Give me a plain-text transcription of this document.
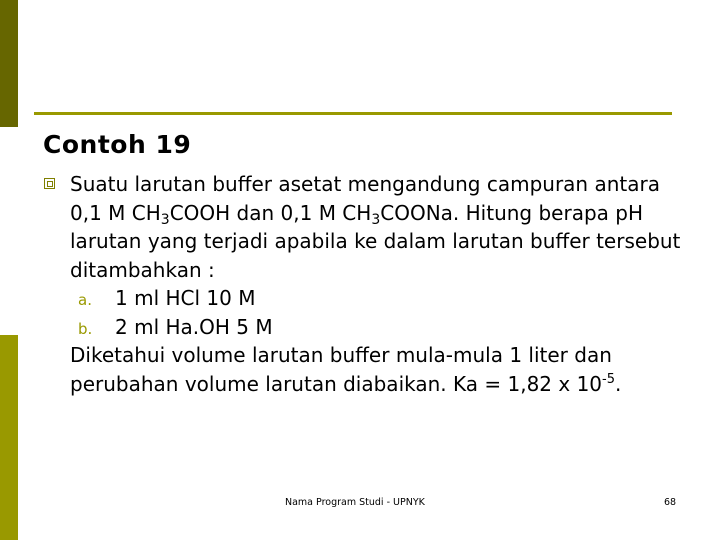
Contoh 19

Suatu larutan buffer asetat mengandung campuran antara 0,1 M $CH_3COOH$ dan 0,1 M $CH_3COONa$. Hitung berapa pH larutan yang terjadi apabila ke dalam larutan buffer tersebut ditambahkan :

a. 1 ml HCl 10 M
b. 2 ml Ha.OH 5 M

Diketahui volume larutan buffer mula-mula 1 liter dan perubahan volume larutan diabaikan. Ka = 1,82 x $10^{-5}$.

Nama Program Studi - UPNYK	68
